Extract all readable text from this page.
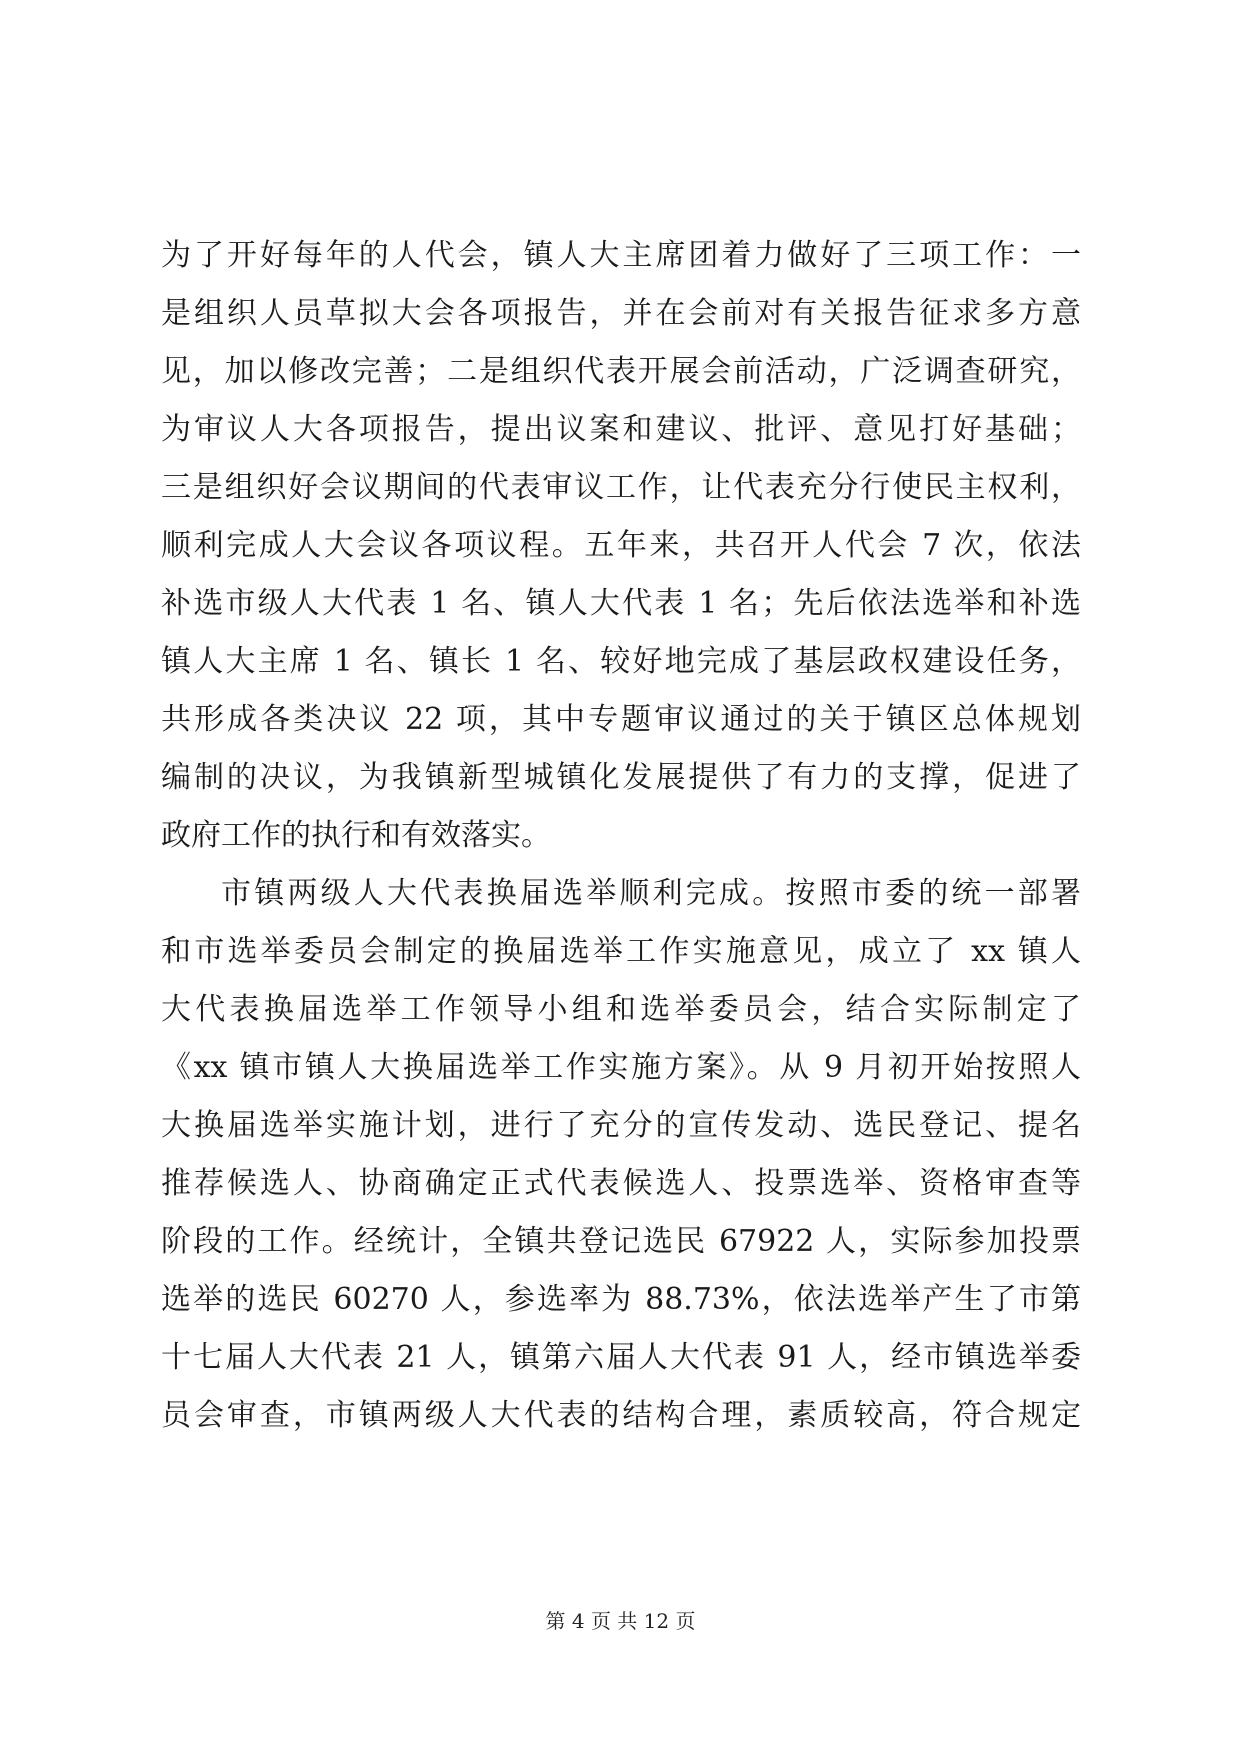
为了开好每年的人代会，镇人大主席团着力做好了三项工作：一
是组织人员草拟大会各项报告，并在会前对有关报告征求多方意
见，加以修改完善；二是组织代表开展会前活动，广泛调查研究，
为审议人大各项报告，提出议案和建议、批评、意见打好基础；
三是组织好会议期间的代表审议工作，让代表充分行使民主权利，
顺利完成人大会议各项议程。五年来，共召开人代会 7 次，依法
补选市级人大代表 1 名、镇人大代表 1 名；先后依法选举和补选
镇人大主席 1 名、镇长 1 名、较好地完成了基层政权建设任务，
共形成各类决议 22 项，其中专题审议通过的关于镇区总体规划
编制的决议，为我镇新型城镇化发展提供了有力的支撑，促进了
政府工作的执行和有效落实。
市镇两级人大代表换届选举顺利完成。按照市委的统一部署
和市选举委员会制定的换届选举工作实施意见，成立了 xx 镇人
大代表换届选举工作领导小组和选举委员会，结合实际制定了
《xx 镇市镇人大换届选举工作实施方案》。从 9 月初开始按照人
大换届选举实施计划，进行了充分的宣传发动、选民登记、提名
推荐候选人、协商确定正式代表候选人、投票选举、资格审查等
阶段的工作。经统计，全镇共登记选民 67922 人，实际参加投票
选举的选民 60270 人，参选率为 88.73%，依法选举产生了市第
十七届人大代表 21 人，镇第六届人大代表 91 人，经市镇选举委
员会审查，市镇两级人大代表的结构合理，素质较高，符合规定
第 4 页 共 12 页
